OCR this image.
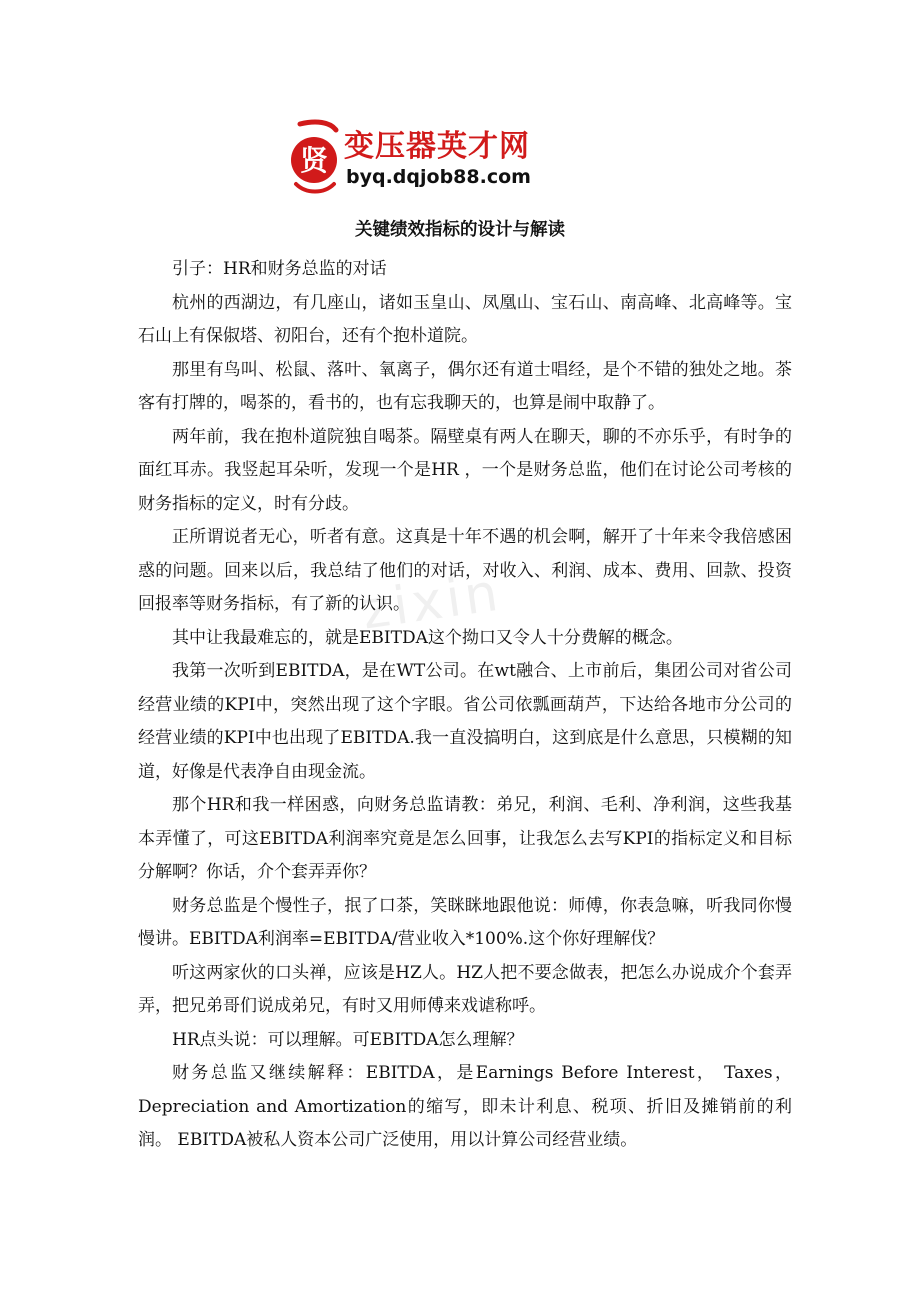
贤 变压器英才网
byq.dqjob88.com
zixin
关键绩效指标的设计与解读

引子：HR和财务总监的对话

杭州的西湖边，有几座山，诸如玉皇山、凤凰山、宝石山、南高峰、北高峰等。宝石山上有保俶塔、初阳台，还有个抱朴道院。

那里有鸟叫、松鼠、落叶、氧离子，偶尔还有道士唱经，是个不错的独处之地。茶客有打牌的，喝茶的，看书的，也有忘我聊天的，也算是闹中取静了。

两年前，我在抱朴道院独自喝茶。隔壁桌有两人在聊天，聊的不亦乐乎，有时争的面红耳赤。我竖起耳朵听，发现一个是HR ，一个是财务总监，他们在讨论公司考核的财务指标的定义，时有分歧。

正所谓说者无心，听者有意。这真是十年不遇的机会啊，解开了十年来令我倍感困惑的问题。回来以后，我总结了他们的对话，对收入、利润、成本、费用、回款、投资回报率等财务指标，有了新的认识。

其中让我最难忘的，就是EBITDA这个拗口又令人十分费解的概念。

我第一次听到EBITDA，是在WT公司。在wt融合、上市前后，集团公司对省公司经营业绩的KPI中，突然出现了这个字眼。省公司依瓢画葫芦，下达给各地市分公司的经营业绩的KPI中也出现了EBITDA.我一直没搞明白，这到底是什么意思，只模糊的知道，好像是代表净自由现金流。

那个HR和我一样困惑，向财务总监请教：弟兄，利润、毛利、净利润，这些我基本弄懂了，可这EBITDA利润率究竟是怎么回事，让我怎么去写KPI的指标定义和目标分解啊？你话，介个套弄弄你？

财务总监是个慢性子，抿了口茶，笑眯眯地跟他说：师傅，你表急嘛，听我同你慢慢讲。EBITDA利润率=EBITDA/营业收入*100%.这个你好理解伐？

听这两家伙的口头禅，应该是HZ人。HZ人把不要念做表，把怎么办说成介个套弄弄，把兄弟哥们说成弟兄，有时又用师傅来戏谑称呼。

HR点头说：可以理解。可EBITDA怎么理解？

财务总监又继续解释：EBITDA，是Earnings Before Interest， Taxes，Depreciation and Amortization的缩写，即未计利息、税项、折旧及摊销前的利润。 EBITDA被私人资本公司广泛使用，用以计算公司经营业绩。
